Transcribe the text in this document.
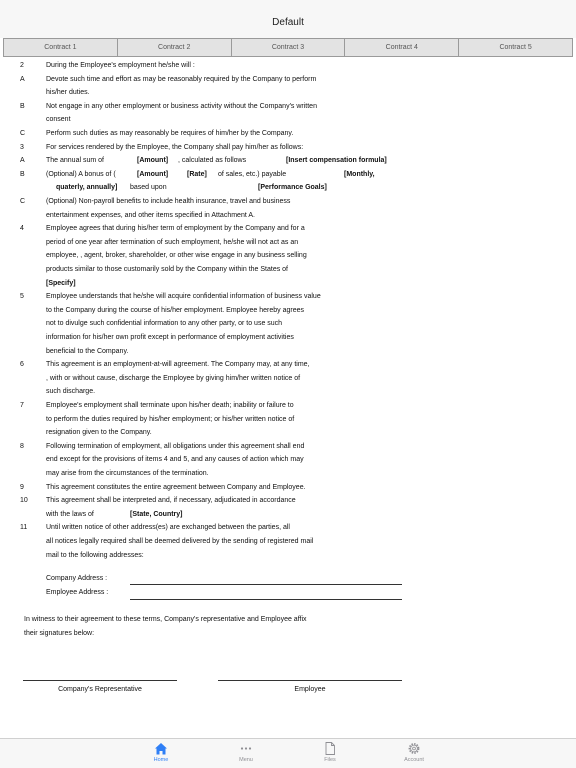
Default
Contract 1	Contract 2	Contract 3	Contract 4	Contract 5
2	During the Employee's employment he/she will :
A	Devote such time and effort as may be reasonably required by the Company to perform
his/her duties.
B	Not engage in any other employment or business activity without the Company's written
consent
C	Perform such duties as may reasonably be requires of him/her by the Company.
3	For services rendered by the Employee, the Company shall pay him/her as follows:
A	The annual sum of	[Amount] , calculated as follows	[Insert compensation formula]
B	(Optional) A bonus of (	[Amount]	[Rate] of sales, etc.) payable	[Monthly,
quaterly, annually] based upon	[Performance Goals]
C	(Optional) Non-payroll benefits to include health insurance, travel and business
entertainment expenses, and other items specified in Attachment A.
4	Employee agrees that during his/her term of employment by the Company and for a
period of one year after termination of such employment, he/she will not act as an
employee, , agent, broker, shareholder, or other wise engage in any business selling
products similar to those customarily sold by the Company within the States of
[Specify]
5	Employee understands that he/she will acquire confidential information of business value
to the Company during the course of his/her employment. Employee hereby agrees
not to divulge such confidential information to any other party, or to use such
information for his/her own profit except in performance of employment activities
beneficial to the Company.
6	This agreement is an employment-at-will agreement. The Company may, at any time,
, with or without cause, discharge the Employee by giving him/her written notice of
such discharge.
7	Employee's employment shall terminate upon his/her death; inability or failure to
to perform the duties required by his/her employment; or his/her written notice of
resignation given to the Company.
8	Following termination of employment, all obligations under this agreement shall end
end except for the provisions of items 4 and 5, and any causes of action which may
may arise from the circumstances of the termination.
9	This agreement constitutes the entire agreement between Company and Employee.
10	This agreement shall be interpreted and, if necessary, adjudicated in accordance
with the laws of	[State, Country]
11	Until written notice of other address(es) are exchanged between the parties, all
all notices legally required shall be deemed delivered by the sending of registered mail
mail to the following addresses:
Company Address :
Employee Address :
In witness to their agreement to these terms, Company's representative and Employee affix
their signatures below:
Company's Representative	Employee
Home	Menu	Files	Account
